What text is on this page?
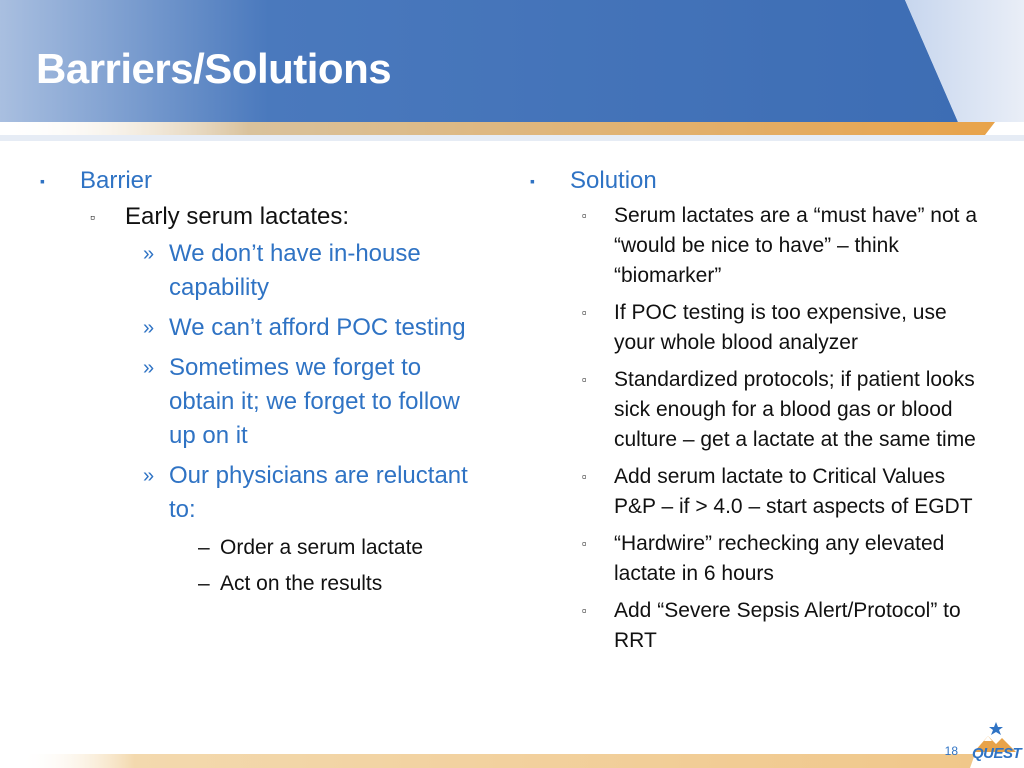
Barriers/Solutions
▪ Barrier
▫ Early serum lactates:
» We don’t have in-house capability
» We can’t afford POC testing
» Sometimes we forget to obtain it; we forget to follow up on it
» Our physicians are reluctant to:
– Order a serum lactate
– Act on the results
▪ Solution
▫ Serum lactates are a “must have” not a “would be nice to have” – think “biomarker”
▫ If POC testing is too expensive, use your whole blood analyzer
▫ Standardized protocols; if patient looks sick enough for a blood gas or blood culture – get a lactate at the same time
▫ Add serum lactate to Critical Values P&P – if > 4.0 – start aspects of EGDT
▫ “Hardwire” rechecking any elevated lactate in 6 hours
▫ Add “Severe Sepsis Alert/Protocol” to RRT
18 QUEST
